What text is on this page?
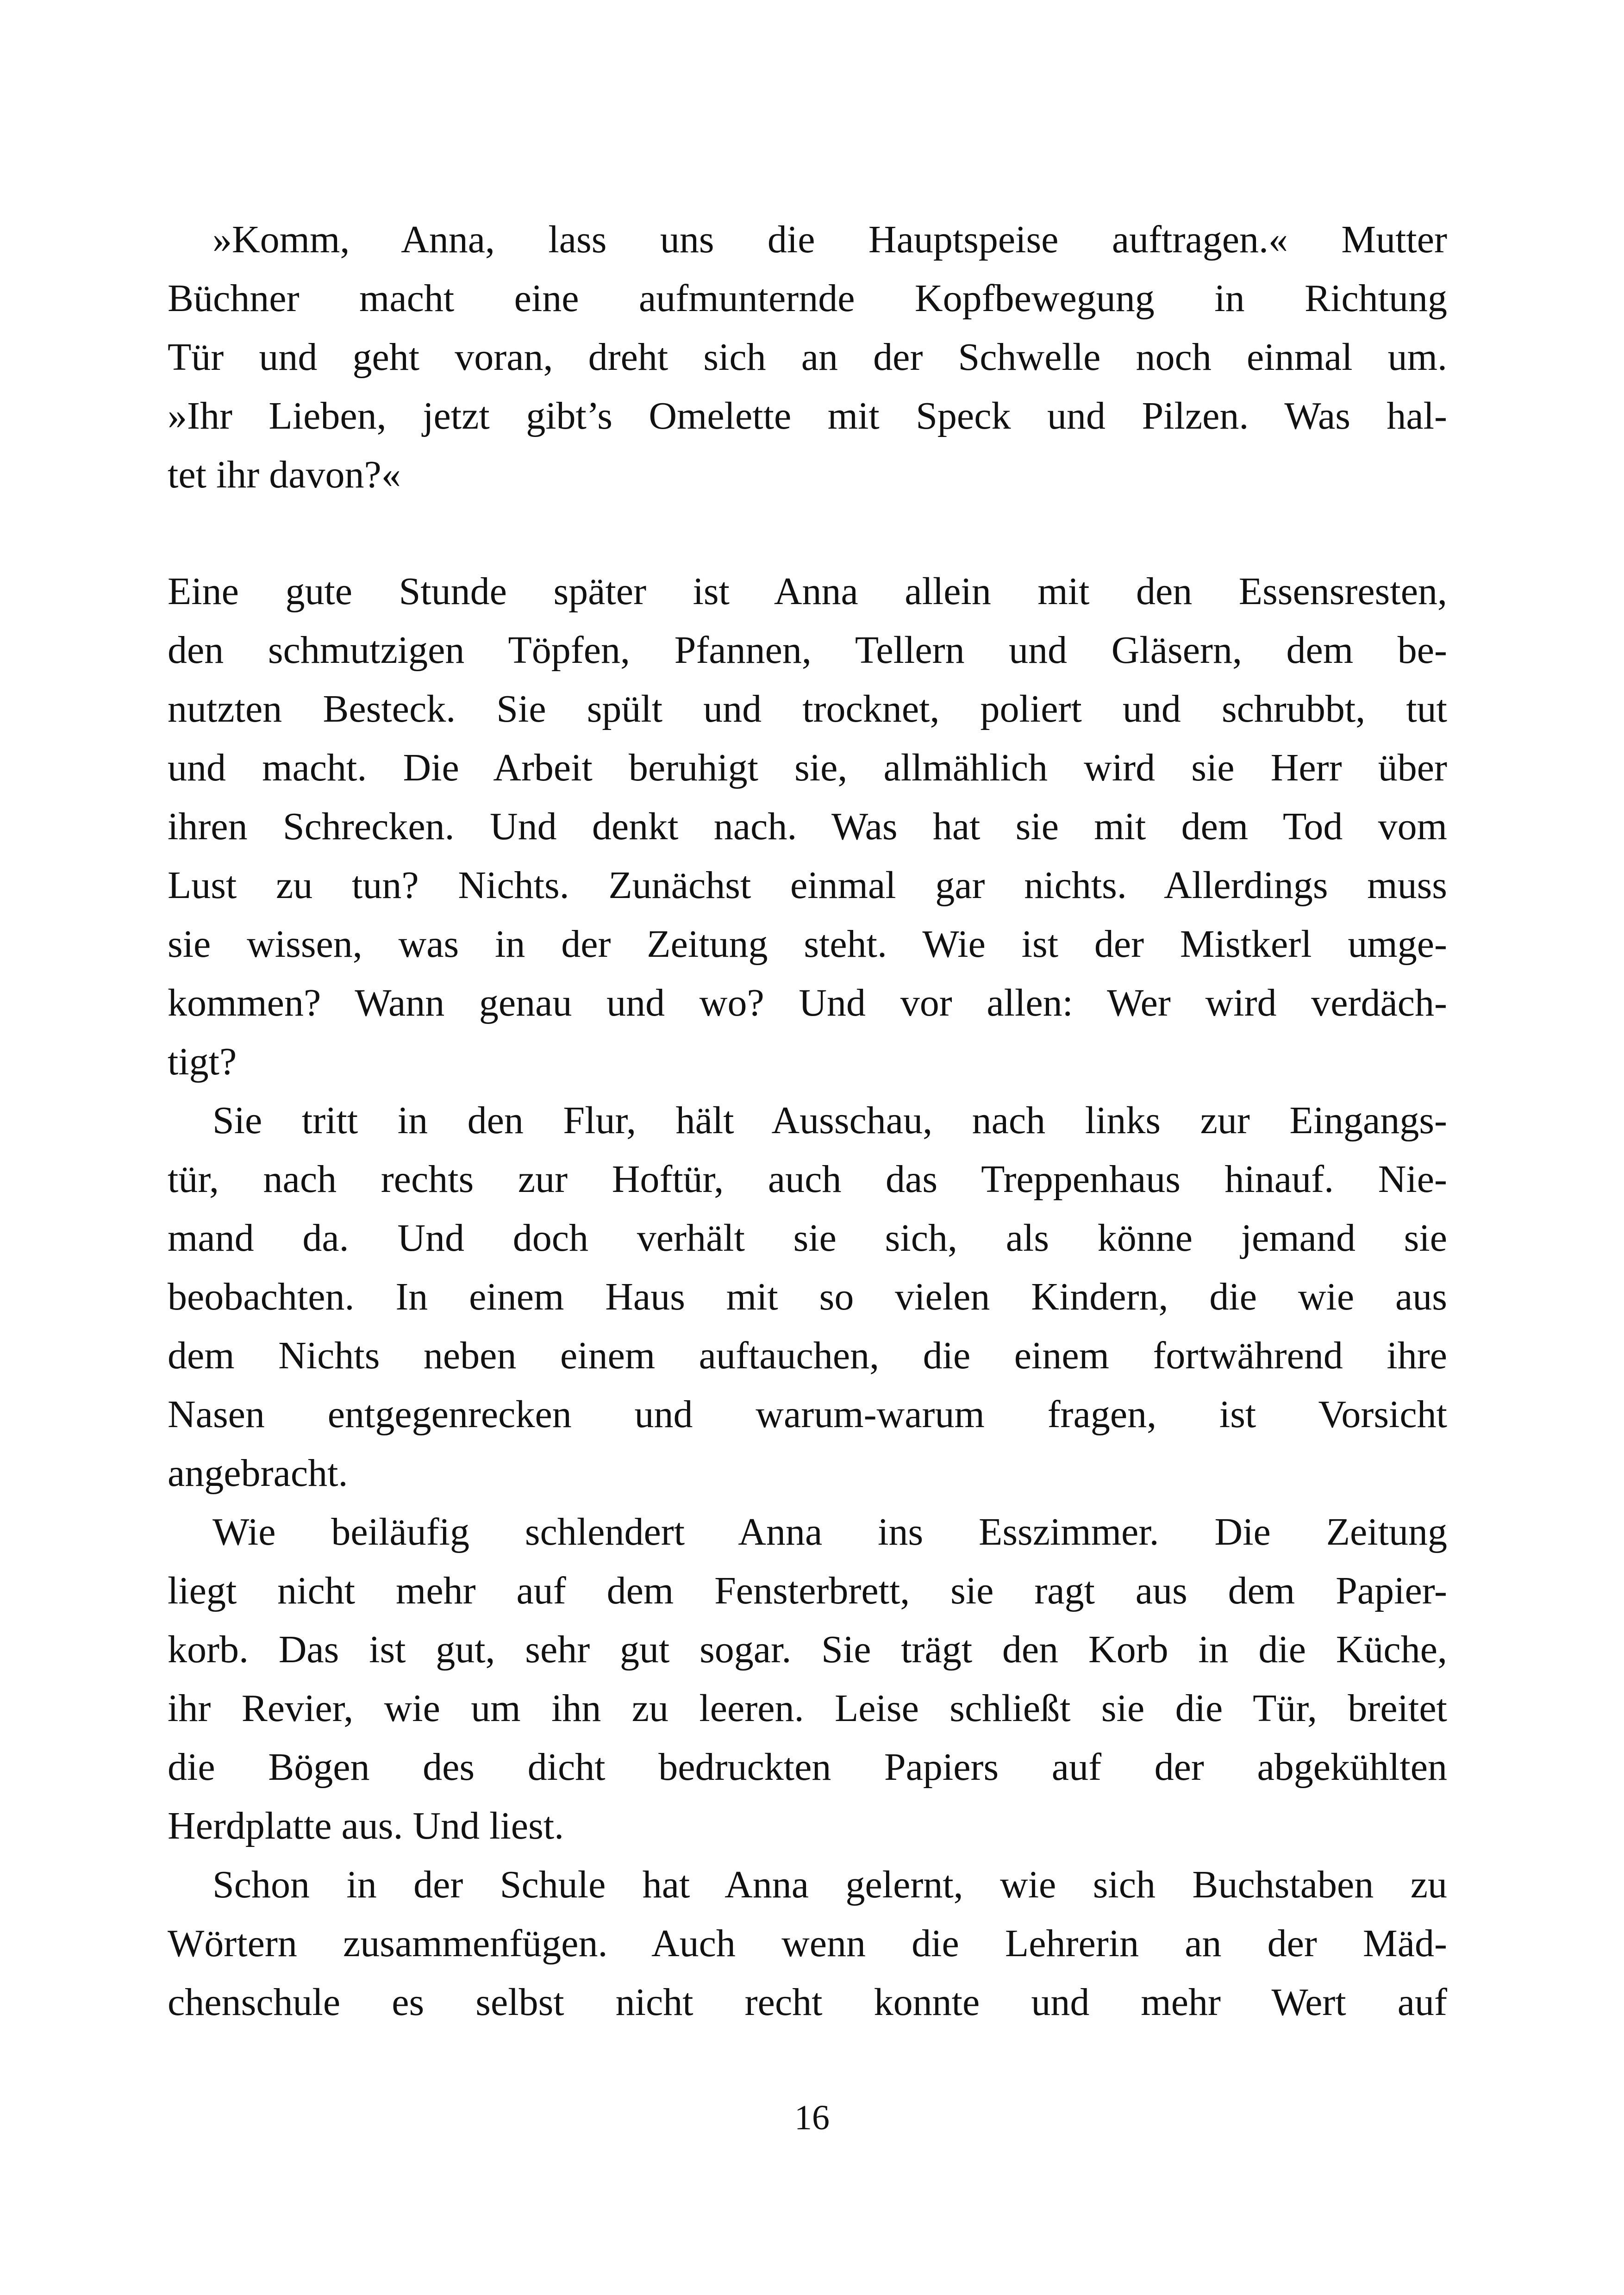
»Komm, Anna, lass uns die Hauptspeise auftragen.« Mutter
Büchner macht eine aufmunternde Kopfbewegung in Richtung
Tür und geht voran, dreht sich an der Schwelle noch einmal um.
»Ihr Lieben, jetzt gibt’s Omelette mit Speck und Pilzen. Was hal-
tet ihr davon?«
Eine gute Stunde später ist Anna allein mit den Essensresten,
den schmutzigen Töpfen, Pfannen, Tellern und Gläsern, dem be-
nutzten Besteck. Sie spült und trocknet, poliert und schrubbt, tut
und macht. Die Arbeit beruhigt sie, allmählich wird sie Herr über
ihren Schrecken. Und denkt nach. Was hat sie mit dem Tod vom
Lust zu tun? Nichts. Zunächst einmal gar nichts. Allerdings muss
sie wissen, was in der Zeitung steht. Wie ist der Mistkerl umge-
kommen? Wann genau und wo? Und vor allen: Wer wird verdäch-
tigt?
Sie tritt in den Flur, hält Ausschau, nach links zur Eingangs-
tür, nach rechts zur Hoftür, auch das Treppenhaus hinauf. Nie-
mand da. Und doch verhält sie sich, als könne jemand sie
beobachten. In einem Haus mit so vielen Kindern, die wie aus
dem Nichts neben einem auftauchen, die einem fortwährend ihre
Nasen entgegenrecken und warum-warum fragen, ist Vorsicht
angebracht.
Wie beiläufig schlendert Anna ins Esszimmer. Die Zeitung
liegt nicht mehr auf dem Fensterbrett, sie ragt aus dem Papier-
korb. Das ist gut, sehr gut sogar. Sie trägt den Korb in die Küche,
ihr Revier, wie um ihn zu leeren. Leise schließt sie die Tür, breitet
die Bögen des dicht bedruckten Papiers auf der abgekühlten
Herdplatte aus. Und liest.
Schon in der Schule hat Anna gelernt, wie sich Buchstaben zu
Wörtern zusammenfügen. Auch wenn die Lehrerin an der Mäd-
chenschule es selbst nicht recht konnte und mehr Wert auf
16
